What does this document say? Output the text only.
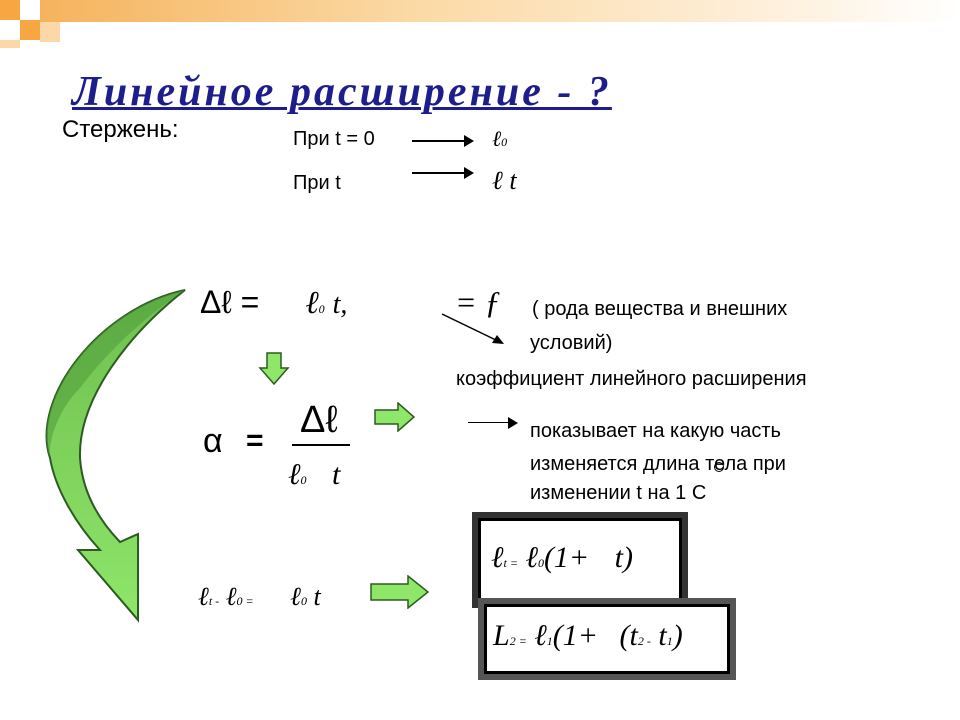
Линейное расширение - ?
Стержень:	При t = 0	ℓ0
При t	ℓ t
Δℓ = ℓ0 t,	= ƒ ( рода вещества и внешних
условий)
коэффициент линейного расширения
α = Δℓ
ℓ0 t
показывает на какую часть
изменяется длина тела при
изменении t на 1 С
ℓt - ℓ0 = ℓ0 t
ℓt = ℓ0(1+ t)
L2 = ℓ1(1+ (t2 - t1)
